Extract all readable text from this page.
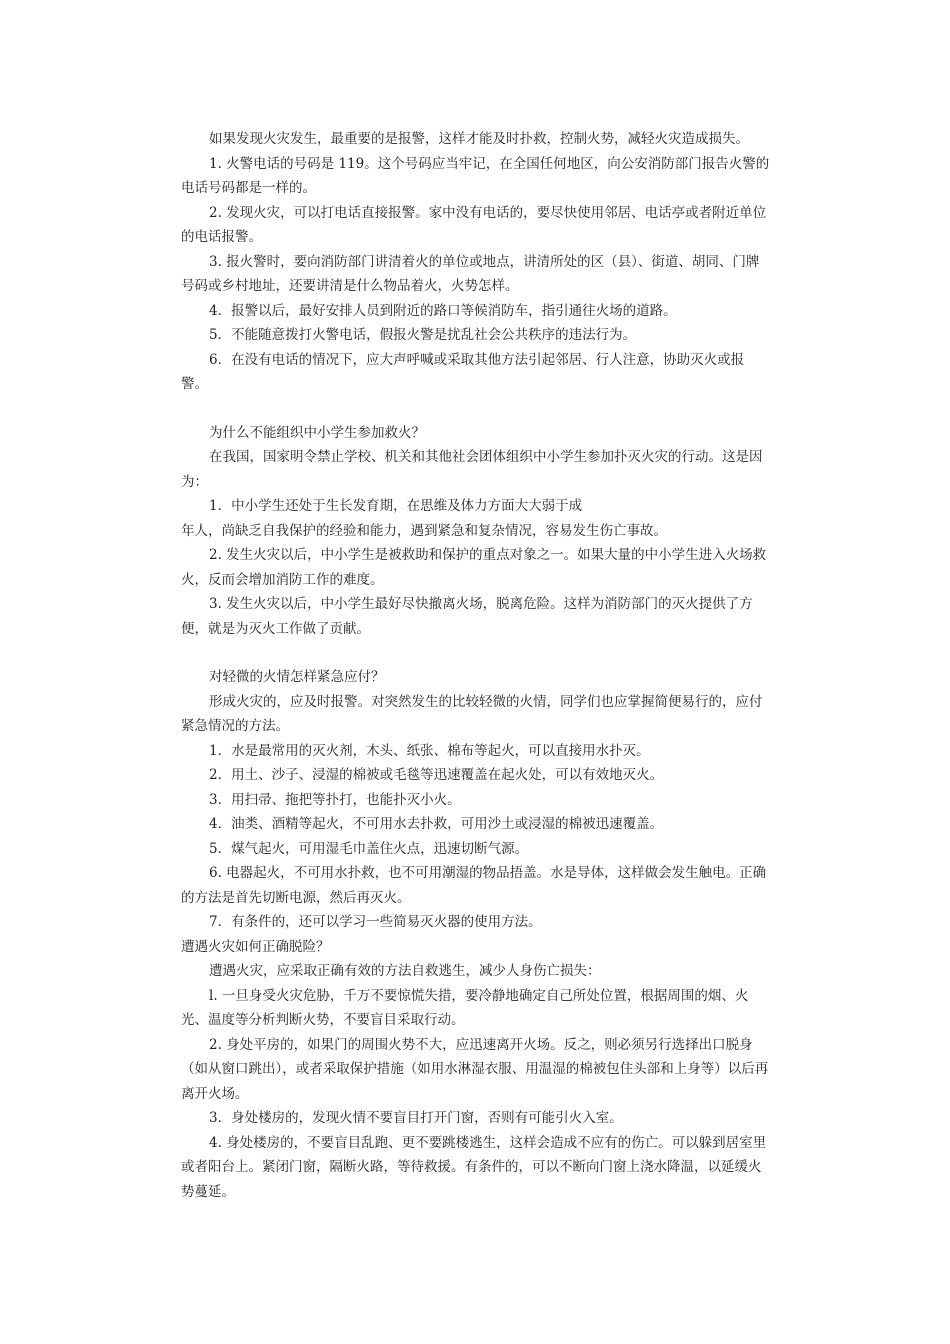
如果发现火灾发生，最重要的是报警，这样才能及时扑救，控制火势，减轻火灾造成损失。

1. 火警电话的号码是 119。这个号码应当牢记，在全国任何地区，向公安消防部门报告火警的电话号码都是一样的。

2. 发现火灾，可以打电话直接报警。家中没有电话的，要尽快使用邻居、电话亭或者附近单位的电话报警。

3. 报火警时，要向消防部门讲清着火的单位或地点，讲清所处的区（县）、街道、胡同、门牌号码或乡村地址，还要讲清是什么物品着火，火势怎样。

4．报警以后，最好安排人员到附近的路口等候消防车，指引通往火场的道路。

5．不能随意拨打火警电话，假报火警是扰乱社会公共秩序的违法行为。

6．在没有电话的情况下，应大声呼喊或采取其他方法引起邻居、行人注意，协助灭火或报警。

为什么不能组织中小学生参加救火？

在我国，国家明令禁止学校、机关和其他社会团体组织中小学生参加扑灭火灾的行动。这是因为：

1．中小学生还处于生长发育期，在思维及体力方面大大弱于成

年人，尚缺乏自我保护的经验和能力，遇到紧急和复杂情况，容易发生伤亡事故。

2. 发生火灾以后，中小学生是被救助和保护的重点对象之一。如果大量的中小学生进入火场救火，反而会增加消防工作的难度。

3. 发生火灾以后，中小学生最好尽快撤离火场，脱离危险。这样为消防部门的灭火提供了方便，就是为灭火工作做了贡献。

对轻微的火情怎样紧急应付？

形成火灾的，应及时报警。对突然发生的比较轻微的火情，同学们也应掌握简便易行的，应付紧急情况的方法。

1．水是最常用的灭火剂，木头、纸张、棉布等起火，可以直接用水扑灭。

2．用土、沙子、浸湿的棉被或毛毯等迅速覆盖在起火处，可以有效地灭火。

3．用扫帚、拖把等扑打，也能扑灭小火。

4．油类、酒精等起火，不可用水去扑救，可用沙土或浸湿的棉被迅速覆盖。

5．煤气起火，可用湿毛巾盖住火点，迅速切断气源。

6. 电器起火，不可用水扑救，也不可用潮湿的物品捂盖。水是导体，这样做会发生触电。正确的方法是首先切断电源，然后再灭火。

7．有条件的，还可以学习一些简易灭火器的使用方法。

遭遇火灾如何正确脱险？

遭遇火灾，应采取正确有效的方法自救逃生，减少人身伤亡损失：

l. 一旦身受火灾危胁，千万不要惊慌失措，要冷静地确定自己所处位置，根据周围的烟、火光、温度等分析判断火势，不要盲目采取行动。

2. 身处平房的，如果门的周围火势不大，应迅速离开火场。反之，则必须另行选择出口脱身（如从窗口跳出），或者采取保护措施（如用水淋湿衣服、用温湿的棉被包住头部和上身等）以后再离开火场。

3．身处楼房的，发现火情不要盲目打开门窗，否则有可能引火入室。

4. 身处楼房的，不要盲目乱跑、更不要跳楼逃生，这样会造成不应有的伤亡。可以躲到居室里或者阳台上。紧闭门窗，隔断火路，等待救援。有条件的，可以不断向门窗上浇水降温，以延缓火势蔓延。
